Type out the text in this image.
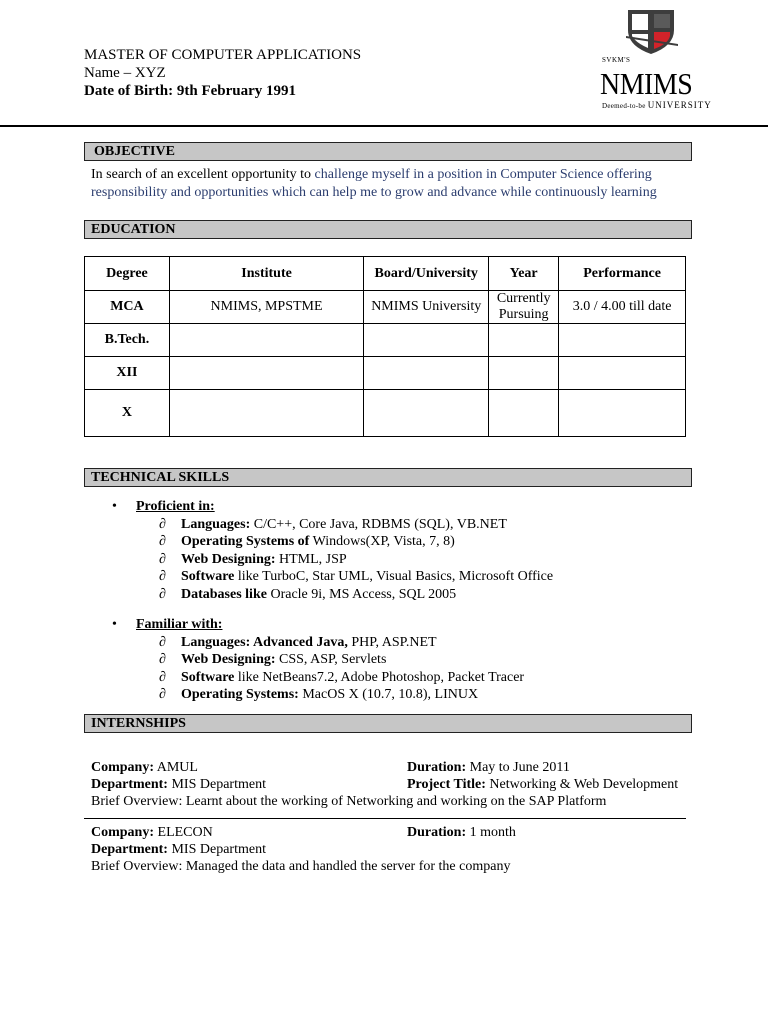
MASTER OF COMPUTER APPLICATIONS
Name – XYZ
Date of Birth: 9th February 1991
SVKM'S
NMIMS
Deemed-to-be UNIVERSITY
OBJECTIVE
In search of an excellent opportunity to challenge myself in a position in Computer Science offering responsibility and opportunities which can help me to grow and advance while continuously learning
EDUCATION
Degree	Institute	Board/University	Year	Performance
MCA	NMIMS, MPSTME	NMIMS University	Currently Pursuing	3.0 / 4.00 till date
B.Tech.				
XII				
X				
TECHNICAL SKILLS
• Proficient in:
∂ Languages: C/C++, Core Java, RDBMS (SQL), VB.NET
∂ Operating Systems of Windows(XP, Vista, 7, 8)
∂ Web Designing: HTML, JSP
∂ Software like TurboC, Star UML, Visual Basics, Microsoft Office
∂ Databases like Oracle 9i, MS Access, SQL 2005
• Familiar with:
∂ Languages: Advanced Java, PHP, ASP.NET
∂ Web Designing: CSS, ASP, Servlets
∂ Software like NetBeans7.2, Adobe Photoshop, Packet Tracer
∂ Operating Systems: MacOS X (10.7, 10.8), LINUX
INTERNSHIPS
Company: AMUL	Duration: May to June 2011
Department: MIS Department	Project Title: Networking & Web Development
Brief Overview: Learnt about the working of Networking and working on the SAP Platform
Company: ELECON	Duration: 1 month
Department: MIS Department
Brief Overview: Managed the data and handled the server for the company
